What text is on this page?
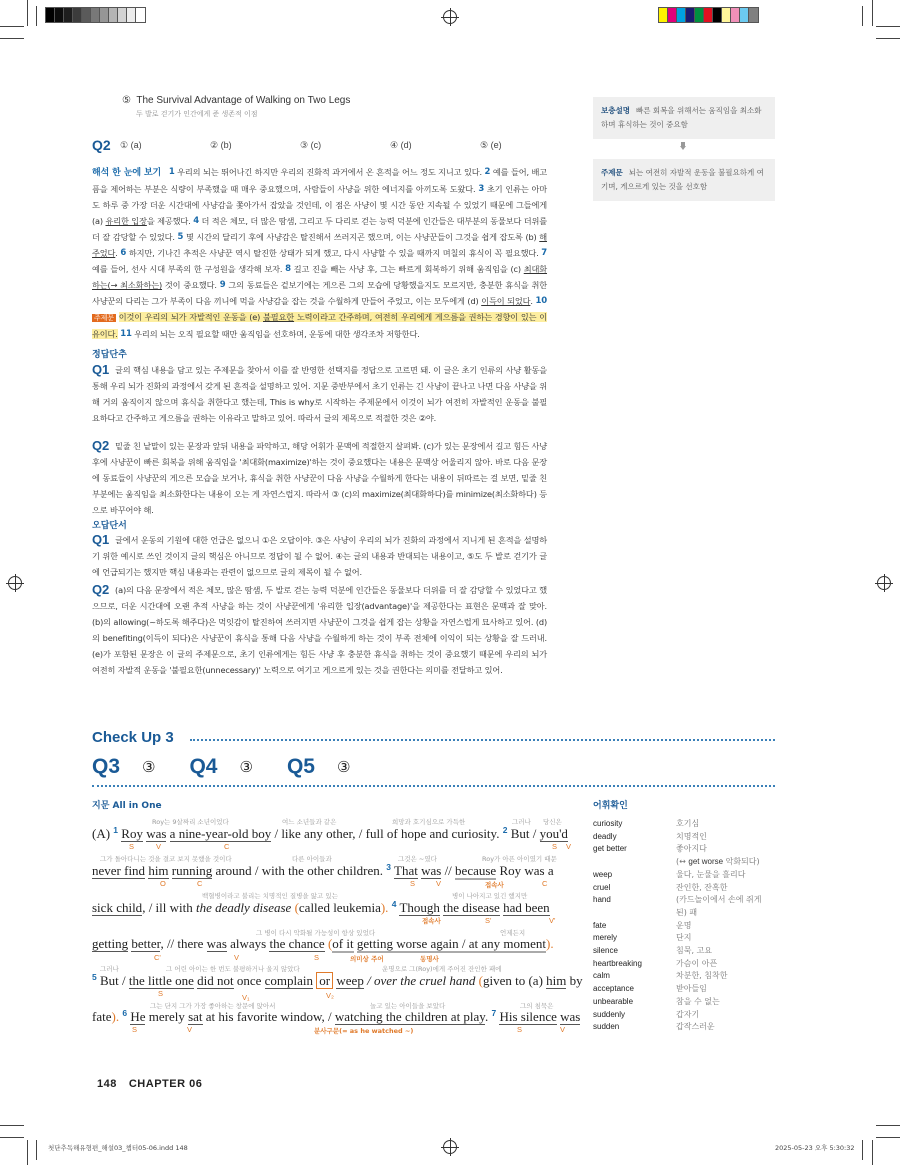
⑤ The Survival Advantage of Walking on Two Legs
두 발로 걷기가 인간에게 준 생존적 이점
Q2	① (a)	② (b)	③ (c)	④ (d)	⑤ (e)
보충설명 빠른 회복을 위해서는 움직임을 최소화하며 휴식하는 것이 중요함
주제문 뇌는 여전히 자발적 운동을 불필요하게 여기며, 게으르게 있는 것을 선호함
해석 한 눈에 보기 1 우리의 뇌는 뛰어나긴 하지만 우리의 진화적 과거에서 온 흔적을 어느 정도 지니고 있다. 2 예를 들어, 배고픔을 제어하는 부분은 식량이 부족했을 때 매우 중요했으며, 사람들이 사냥을 위한 에너지를 아끼도록 도왔다. 3 초기 인류는 아마도 하루 중 가장 더운 시간대에 사냥감을 쫓아가서 잡았을 것인데, 이 점은 사냥이 몇 시간 동안 지속될 수 있었기 때문에 그들에게 (a) 유리한 입장을 제공했다. 4 더 적은 체모, 더 많은 땀샘, 그리고 두 다리로 걷는 능력 덕분에 인간들은 대부분의 동물보다 더위를 더 잘 감당할 수 있었다. 5 몇 시간의 달리기 후에 사냥감은 탈진해서 쓰러지곤 했으며, 이는 사냥꾼들이 그것을 쉽게 잡도록 (b) 해주었다. 6 하지만, 기나긴 추적은 사냥꾼 역시 탈진한 상태가 되게 했고, 다시 사냥할 수 있을 때까지 며칠의 휴식이 꼭 필요했다. 7 예를 들어, 선사 시대 부족의 한 구성원을 생각해 보자. 8 길고 진을 빼는 사냥 후, 그는 빠르게 회복하기 위해 움직임을 (c) 최대화하는(→ 최소화하는) 것이 중요했다. 9 그의 동료들은 겉보기에는 게으른 그의 모습에 당황했을지도 모르지만, 충분한 휴식을 취한 사냥꾼의 다리는 그가 부족이 다음 끼니에 먹을 사냥감을 잡는 것을 수월하게 만들어 주었고, 이는 모두에게 (d) 이득이 되었다. 10 주제문 이것이 우리의 뇌가 자발적인 운동을 (e) 불필요한 노력이라고 간주하며, 여전히 우리에게 게으름을 권하는 경향이 있는 이유이다. 11 우리의 뇌는 오직 필요할 때만 움직임을 선호하며, 운동에 대한 생각조차 저항한다.
정답단추
Q1 글의 핵심 내용을 담고 있는 주제문을 찾아서 이를 잘 반영한 선택지를 정답으로 고르면 돼. 이 글은 초기 인류의 사냥 활동을 통해 우리 뇌가 진화의 과정에서 갖게 된 흔적을 설명하고 있어. 지문 중반부에서 초기 인류는 긴 사냥이 끝나고 나면 다음 사냥을 위해 거의 움직이지 않으며 휴식을 취한다고 했는데, This is why로 시작하는 주제문에서 이것이 뇌가 여전히 자발적인 운동을 불필요하다고 간주하고 게으름을 권하는 이유라고 말하고 있어. 따라서 글의 제목으로 적절한 것은 ②야.
Q2 밑줄 친 낱말이 있는 문장과 앞뒤 내용을 파악하고, 해당 어휘가 문맥에 적절한지 살펴봐. (c)가 있는 문장에서 길고 힘든 사냥 후에 사냥꾼이 빠른 회복을 위해 움직임을 '최대화(maximize)'하는 것이 중요했다는 내용은 문맥상 어울리지 않아. 바로 다음 문장에 동료들이 사냥꾼의 게으른 모습을 보거나, 휴식을 취한 사냥꾼이 다음 사냥을 수월하게 한다는 내용이 뒤따르는 걸 보면, 밑줄 친 부분에는 움직임을 최소화한다는 내용이 오는 게 자연스럽지. 따라서 ③ (c)의 maximize(최대화하다)를 minimize(최소화하다) 등으로 바꾸어야 해.
오답단서
Q1 글에서 운동의 기원에 대한 언급은 없으니 ①은 오답이야. ③은 사냥이 우리의 뇌가 진화의 과정에서 지니게 된 흔적을 설명하기 위한 예시로 쓰인 것이지 글의 핵심은 아니므로 정답이 될 수 없어. ④는 글의 내용과 반대되는 내용이고, ⑤도 두 발로 걷기가 글에 언급되기는 했지만 핵심 내용과는 관련이 없으므로 글의 제목이 될 수 없어.
Q2 (a)의 다음 문장에서 적은 체모, 많은 땀샘, 두 발로 걷는 능력 덕분에 인간들은 동물보다 더위를 더 잘 감당할 수 있었다고 했으므로, 더운 시간대에 오랜 추적 사냥을 하는 것이 사냥꾼에게 '유리한 입장(advantage)'을 제공한다는 표현은 문맥과 잘 맞아. (b)의 allowing(~하도록 해주다)은 먹잇감이 탈진하여 쓰러지면 사냥꾼이 그것을 쉽게 잡는 상황을 자연스럽게 묘사하고 있어. (d)의 benefiting(이득이 되다)은 사냥꾼이 휴식을 통해 다음 사냥을 수월하게 하는 것이 부족 전체에 이익이 되는 상황을 잘 드러내. (e)가 포함된 문장은 이 글의 주제문으로, 초기 인류에게는 힘든 사냥 후 충분한 휴식을 취하는 것이 중요했기 때문에 우리의 뇌가 여전히 자발적 운동을 '불필요한(unnecessary)' 노력으로 여기고 게으르게 있는 것을 권한다는 의미를 전달하고 있어.
Check Up 3
Q3 ③ Q4 ③ Q5 ③
지문 All in One	어휘확인
Roy는 9살짜리 소년이었다	여느 소년들과 같은	희망과 호기심으로 가득한	그러나 당신은
(A) $^1$ Roy was a nine-year-old boy / like any other, / full of hope and curiosity. $^2$ But / you'd
S	V	C	S V
그가 돌아다니는 것을 결코 보지 못했을 것이다	다른 아이들과	그것은 ~였다	Roy가 아픈 아이였기 때문
never find him running around / with the other children. $^3$ That was // because Roy was a
O	C	S	V	접속사	C
백혈병이라고 불리는 치명적인 질병을 앓고 있는	병이 나아지고 있긴 했지만
sick child, / ill with the deadly disease (called leukemia). $^4$ Though the disease had been
접속사	S'	V'
그 병이 다시 악화될 가능성이 항상 있었다	언제든지
getting better, // there was always the chance (of it getting worse again / at any moment).
C'	V	S	의미상 주어	동명사
그러나	그 어린 아이는 한 번도 불평하거나 울지 않았다	운명으로 그(Roy)에게 주어진 잔인한 패에
$^5$ But / the little one did not once complain or weep / over the cruel hand (given to (a) him by
S	V₁	V₂
그는 단지 그가 가장 좋아하는 창문에 앉아서	놀고 있는 아이들을 보았다	그의 침묵은
fate). $^6$ He merely sat at his favorite window, / watching the children at play. $^7$ His silence was
S	V	분사구문(= as he watched ~)	S	V
curiosity	호기심
deadly	치명적인
get better	좋아지다
(↔ get worse 악화되다)
weep	울다, 눈물을 흘리다
cruel	잔인한, 잔혹한
hand	(카드놀이에서 손에 쥐게
된) 패
fate	운명
merely	단지
silence	침묵, 고요
heartbreaking	가슴이 아픈
calm	차분한, 침착한
acceptance	받아들임
unbearable	참을 수 없는
suddenly	갑자기
sudden	갑작스러운
148 CHAPTER 06
첫단추독해유형편_해설03_챕터05-06.indd 148	2025-05-23 오후 5:30:32
